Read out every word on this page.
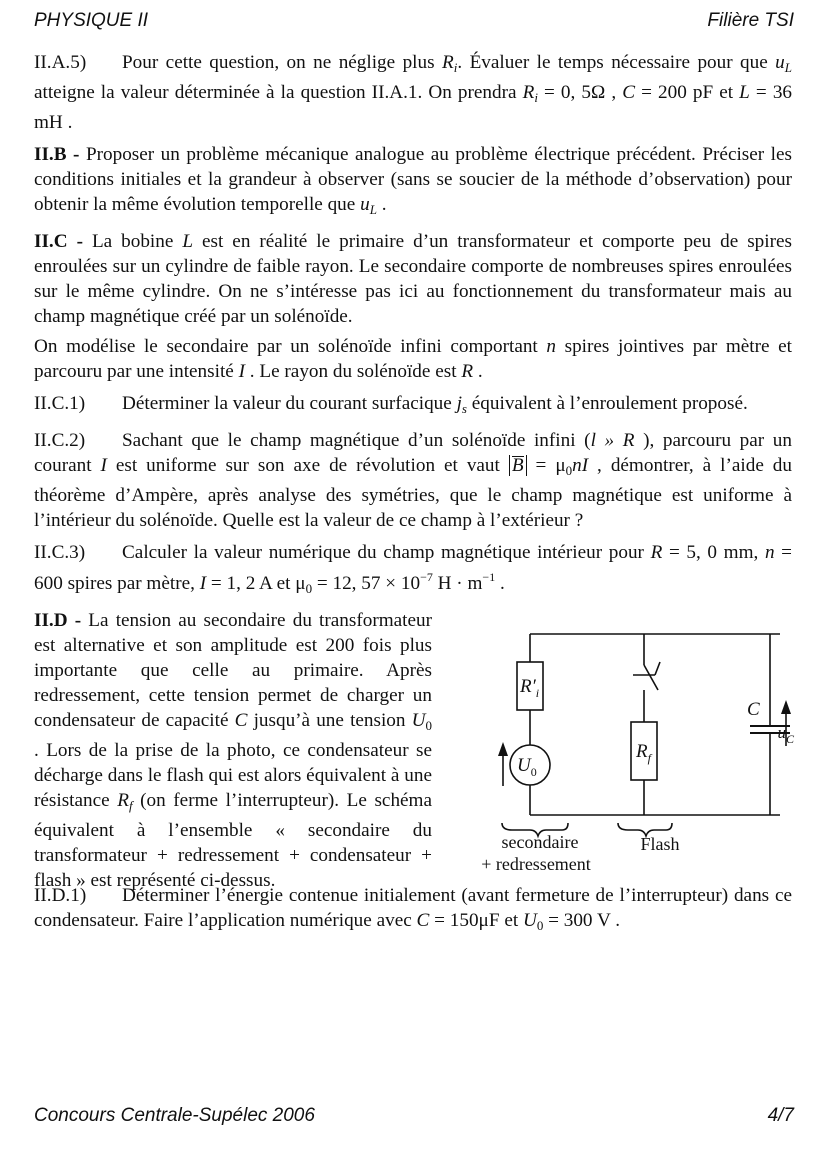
PHYSIQUE II	Filière TSI

II.A.5) Pour cette question, on ne néglige plus $R_i$. Évaluer le temps nécessaire pour que $u_L$ atteigne la valeur déterminée à la question II.A.1. On prendra $R_i = 0$, 5Ω , C = 200 pF et L = 36 mH .

II.B - Proposer un problème mécanique analogue au problème électrique précédent. Préciser les conditions initiales et la grandeur à observer (sans se soucier de la méthode d’observation) pour obtenir la même évolution temporelle que $u_L$ .

II.C - La bobine L est en réalité le primaire d’un transformateur et comporte peu de spires enroulées sur un cylindre de faible rayon. Le secondaire comporte de nombreuses spires enroulées sur le même cylindre. On ne s’intéresse pas ici au fonctionnement du transformateur mais au champ magnétique créé par un solénoïde.

On modélise le secondaire par un solénoïde infini comportant n spires jointives par mètre et parcouru par une intensité I . Le rayon du solénoïde est R .

II.C.1) Déterminer la valeur du courant surfacique $j_s$ équivalent à l’enroulement proposé.

II.C.2) Sachant que le champ magnétique d’un solénoïde infini (l » R ), parcouru par un courant I est uniforme sur son axe de révolution et vaut
$B = \mu_0nI$ , démontrer, à l’aide du théorème d’Ampère, après analyse des symétries, que le champ magnétique est uniforme à l’intérieur du solénoïde. Quelle est la valeur de ce champ à l’extérieur ?

II.C.3) Calculer la valeur numérique du champ magnétique intérieur pour R = 5, 0 mm, n = 600 spires par mètre, I = 1, 2 A et $\mu_0 = 12$, $57 \times 10^{-7}$ $H \cdot m^{-1}$ .

II.D - La tension au secondaire du transformateur est alternative et son amplitude est 200 fois plus importante que celle au primaire. Après redressement, cette tension permet de charger un condensateur de capacité C jusqu’à une tension $U_0$ . Lors de la prise de la photo, ce condensateur se décharge dans le flash qui est alors équivalent à une résistance $R_f$ (on ferme l’interrupteur). Le schéma équivalent à l’ensemble « secondaire du transformateur + redressement + condensateur + flash » est représenté ci-dessus.
$R'_i$
$U_0$
$R_f$
C
$u_C$
secondaire
+ redressement
Flash

II.D.1) Déterminer l’énergie contenue initialement (avant fermeture de l’interrupteur) dans ce condensateur. Faire l’application numérique avec C = 150μF et $U_0 = 300$ V .

Concours Centrale-Supélec 2006	4/7
